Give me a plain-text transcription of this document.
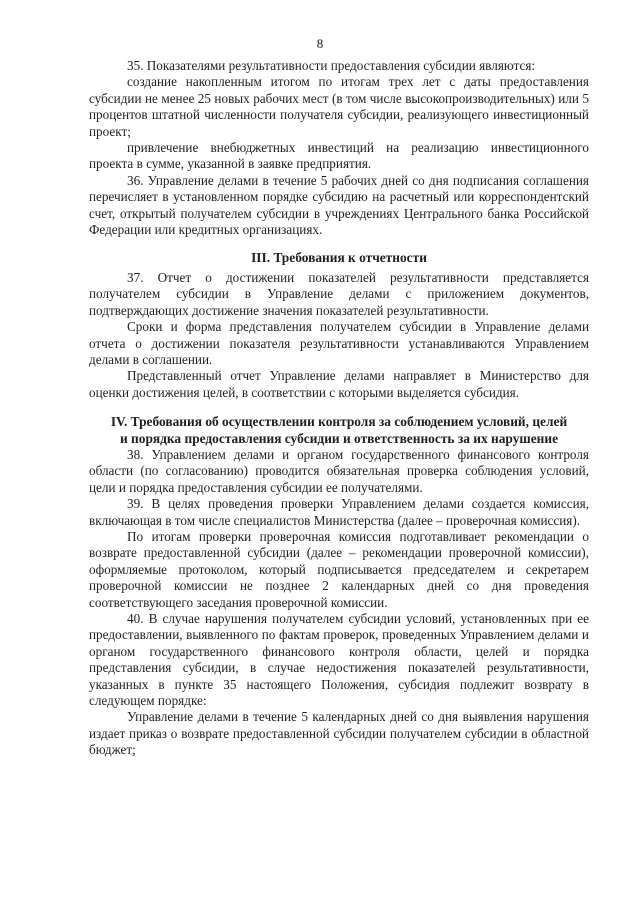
8

35. Показателями результативности предоставления субсидии являются:

создание накопленным итогом по итогам трех лет с даты предоставления субсидии не менее 25 новых рабочих мест (в том числе высокопроизводительных) или 5 процентов штатной численности получателя субсидии, реализующего инвестиционный проект;

привлечение внебюджетных инвестиций на реализацию инвестиционного проекта в сумме, указанной в заявке предприятия.

36. Управление делами в течение 5 рабочих дней со дня подписания соглашения перечисляет в установленном порядке субсидию на расчетный или корреспондентский счет, открытый получателем субсидии в учреждениях Центрального банка Российской Федерации или кредитных организациях.

III. Требования к отчетности

37. Отчет о достижении показателей результативности представляется получателем субсидии в Управление делами с приложением документов, подтверждающих достижение значения показателей результативности.

Сроки и форма представления получателем субсидии в Управление делами отчета о достижении показателя результативности устанавливаются Управлением делами в соглашении.

Представленный отчет Управление делами направляет в Министерство для оценки достижения целей, в соответствии с которыми выделяется субсидия.

IV. Требования об осуществлении контроля за соблюдением условий, целей
и порядка предоставления субсидии и ответственность за их нарушение

38. Управлением делами и органом государственного финансового контроля области (по согласованию) проводится обязательная проверка соблюдения условий, цели и порядка предоставления субсидии ее получателями.

39. В целях проведения проверки Управлением делами создается комиссия, включающая в том числе специалистов Министерства (далее – проверочная комиссия).

По итогам проверки проверочная комиссия подготавливает рекомендации о возврате предоставленной субсидии (далее – рекомендации проверочной комиссии), оформляемые протоколом, который подписывается председателем и секретарем проверочной комиссии не позднее 2 календарных дней со дня проведения соответствующего заседания проверочной комиссии.

40. В случае нарушения получателем субсидии условий, установленных при ее предоставлении, выявленного по фактам проверок, проведенных Управлением делами и органом государственного финансового контроля области, целей и порядка представления субсидии, в случае недостижения показателей результативности, указанных в пункте 35 настоящего Положения, субсидия подлежит возврату в следующем порядке:

Управление делами в течение 5 календарных дней со дня выявления нарушения издает приказ о возврате предоставленной субсидии получателем субсидии в областной бюджет;
